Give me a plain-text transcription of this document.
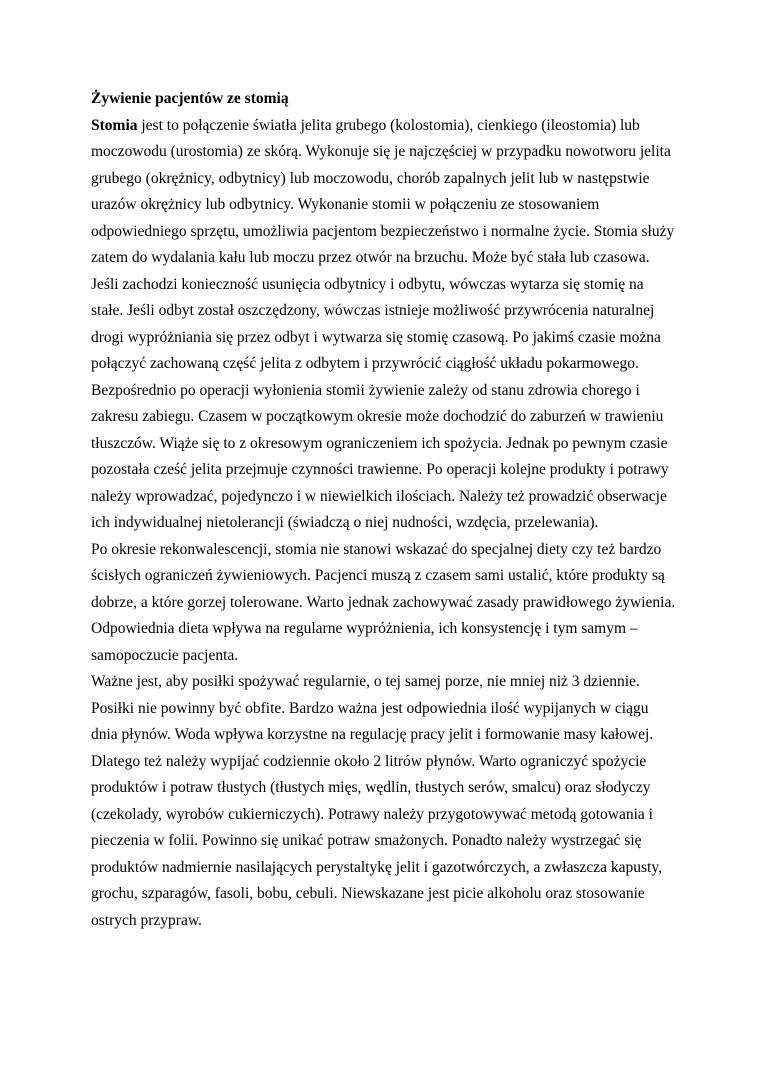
Żywienie pacjentów ze stomią

Stomia jest to połączenie światła jelita grubego (kolostomia), cienkiego (ileostomia) lub
moczowodu (urostomia) ze skórą. Wykonuje się je najczęściej w przypadku nowotworu jelita
grubego (okrężnicy, odbytnicy) lub moczowodu, chorób zapalnych jelit lub w następstwie
urazów okrężnicy lub odbytnicy. Wykonanie stomii w połączeniu ze stosowaniem
odpowiedniego sprzętu, umożliwia pacjentom bezpieczeństwo i normalne życie. Stomia służy
zatem do wydalania kału lub moczu przez otwór na brzuchu. Może być stała lub czasowa.
Jeśli zachodzi konieczność usunięcia odbytnicy i odbytu, wówczas wytarza się stomię na
stałe. Jeśli odbyt został oszczędzony, wówczas istnieje możliwość przywrócenia naturalnej
drogi wypróżniania się przez odbyt i wytwarza się stomię czasową. Po jakimś czasie można
połączyć zachowaną część jelita z odbytem i przywrócić ciągłość układu pokarmowego.
Bezpośrednio po operacji wyłonienia stomii żywienie zależy od stanu zdrowia chorego i
zakresu zabiegu. Czasem w początkowym okresie może dochodzić do zaburzeń w trawieniu
tłuszczów. Wiąże się to z okresowym ograniczeniem ich spożycia. Jednak po pewnym czasie
pozostała cześć jelita przejmuje czynności trawienne. Po operacji kolejne produkty i potrawy
należy wprowadzać, pojedynczo i w niewielkich ilościach. Należy też prowadzić obserwacje
ich indywidualnej nietolerancji (świadczą o niej nudności, wzdęcia, przelewania).
Po okresie rekonwalescencji, stomia nie stanowi wskazać do specjalnej diety czy też bardzo
ścisłych ograniczeń żywieniowych. Pacjenci muszą z czasem sami ustalić, które produkty są
dobrze, a które gorzej tolerowane. Warto jednak zachowywać zasady prawidłowego żywienia.
Odpowiednia dieta wpływa na regularne wypróżnienia, ich konsystencję i tym samym –
samopoczucie pacjenta.
Ważne jest, aby posiłki spożywać regularnie, o tej samej porze, nie mniej niż 3 dziennie.
Posiłki nie powinny być obfite. Bardzo ważna jest odpowiednia ilość wypijanych w ciągu
dnia płynów. Woda wpływa korzystne na regulację pracy jelit i formowanie masy kałowej.
Dlatego też należy wypijać codziennie około 2 litrów płynów. Warto ograniczyć spożycie
produktów i potraw tłustych (tłustych mięs, wędlin, tłustych serów, smalcu) oraz słodyczy
(czekolady, wyrobów cukierniczych). Potrawy należy przygotowywać metodą gotowania i
pieczenia w folii. Powinno się unikać potraw smażonych. Ponadto należy wystrzegać się
produktów nadmiernie nasilających perystaltykę jelit i gazotwórczych, a zwłaszcza kapusty,
grochu, szparagów, fasoli, bobu, cebuli. Niewskazane jest picie alkoholu oraz stosowanie
ostrych przypraw.
